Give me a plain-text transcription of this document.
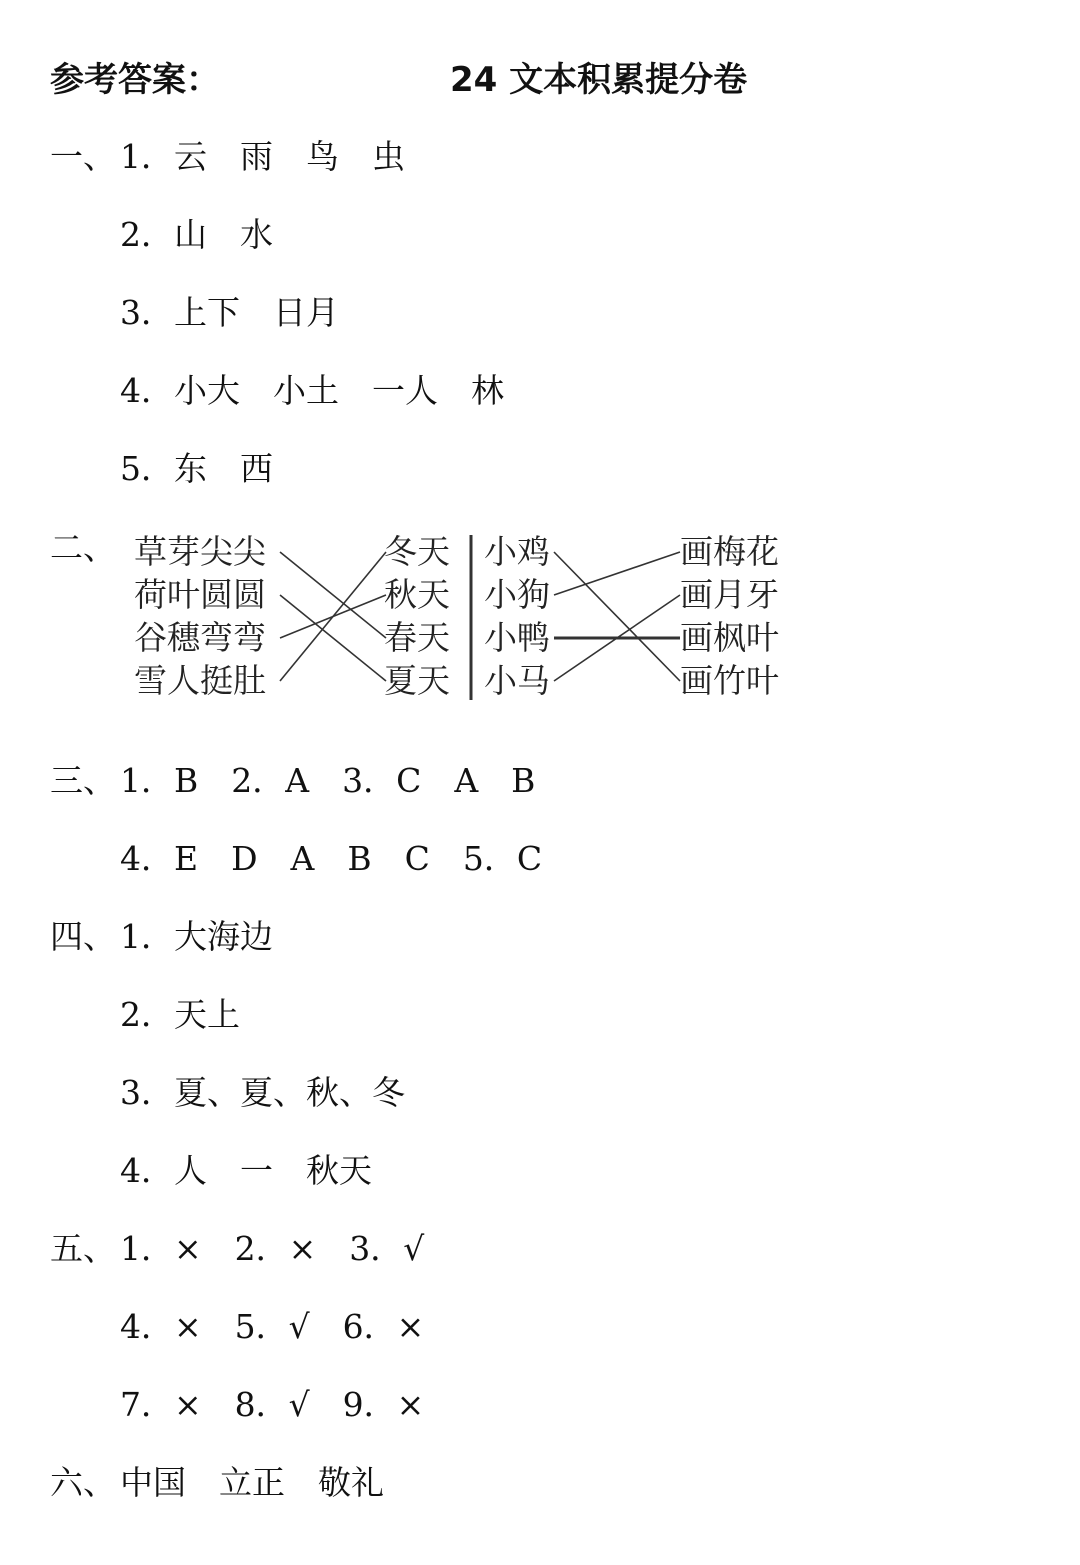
参考答案：	24 文本积累提分卷
一、 1．云　雨　鸟　虫
2．山　水
3．上下　日月
4．小大　小土　一人　林
5．东　西
二、 草芽尖尖
荷叶圆圆
谷穗弯弯
雪人挺肚
冬天
秋天
春天
夏天
小鸡
小狗
小鸭
小马
画梅花
画月牙
画枫叶
画竹叶
三、 1．B　2．A　3．C　A　B
4．E　D　A　B　C　5．C
四、 1．大海边
2．天上
3．夏、夏、秋、冬
4．人　一　秋天
五、 1．×　2．×　3．√
4．×　5．√　6．×
7．×　8．√　9．×
六、 中国　立正　敬礼
